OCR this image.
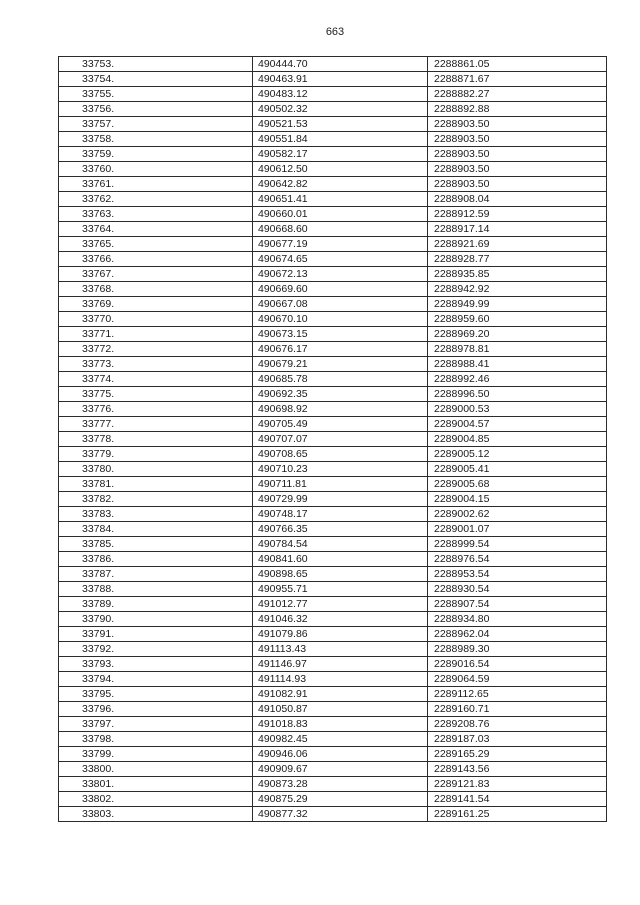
663
33753.	490444.70	2288861.05
33754.	490463.91	2288871.67
33755.	490483.12	2288882.27
33756.	490502.32	2288892.88
33757.	490521.53	2288903.50
33758.	490551.84	2288903.50
33759.	490582.17	2288903.50
33760.	490612.50	2288903.50
33761.	490642.82	2288903.50
33762.	490651.41	2288908.04
33763.	490660.01	2288912.59
33764.	490668.60	2288917.14
33765.	490677.19	2288921.69
33766.	490674.65	2288928.77
33767.	490672.13	2288935.85
33768.	490669.60	2288942.92
33769.	490667.08	2288949.99
33770.	490670.10	2288959.60
33771.	490673.15	2288969.20
33772.	490676.17	2288978.81
33773.	490679.21	2288988.41
33774.	490685.78	2288992.46
33775.	490692.35	2288996.50
33776.	490698.92	2289000.53
33777.	490705.49	2289004.57
33778.	490707.07	2289004.85
33779.	490708.65	2289005.12
33780.	490710.23	2289005.41
33781.	490711.81	2289005.68
33782.	490729.99	2289004.15
33783.	490748.17	2289002.62
33784.	490766.35	2289001.07
33785.	490784.54	2288999.54
33786.	490841.60	2288976.54
33787.	490898.65	2288953.54
33788.	490955.71	2288930.54
33789.	491012.77	2288907.54
33790.	491046.32	2288934.80
33791.	491079.86	2288962.04
33792.	491113.43	2288989.30
33793.	491146.97	2289016.54
33794.	491114.93	2289064.59
33795.	491082.91	2289112.65
33796.	491050.87	2289160.71
33797.	491018.83	2289208.76
33798.	490982.45	2289187.03
33799.	490946.06	2289165.29
33800.	490909.67	2289143.56
33801.	490873.28	2289121.83
33802.	490875.29	2289141.54
33803.	490877.32	2289161.25
